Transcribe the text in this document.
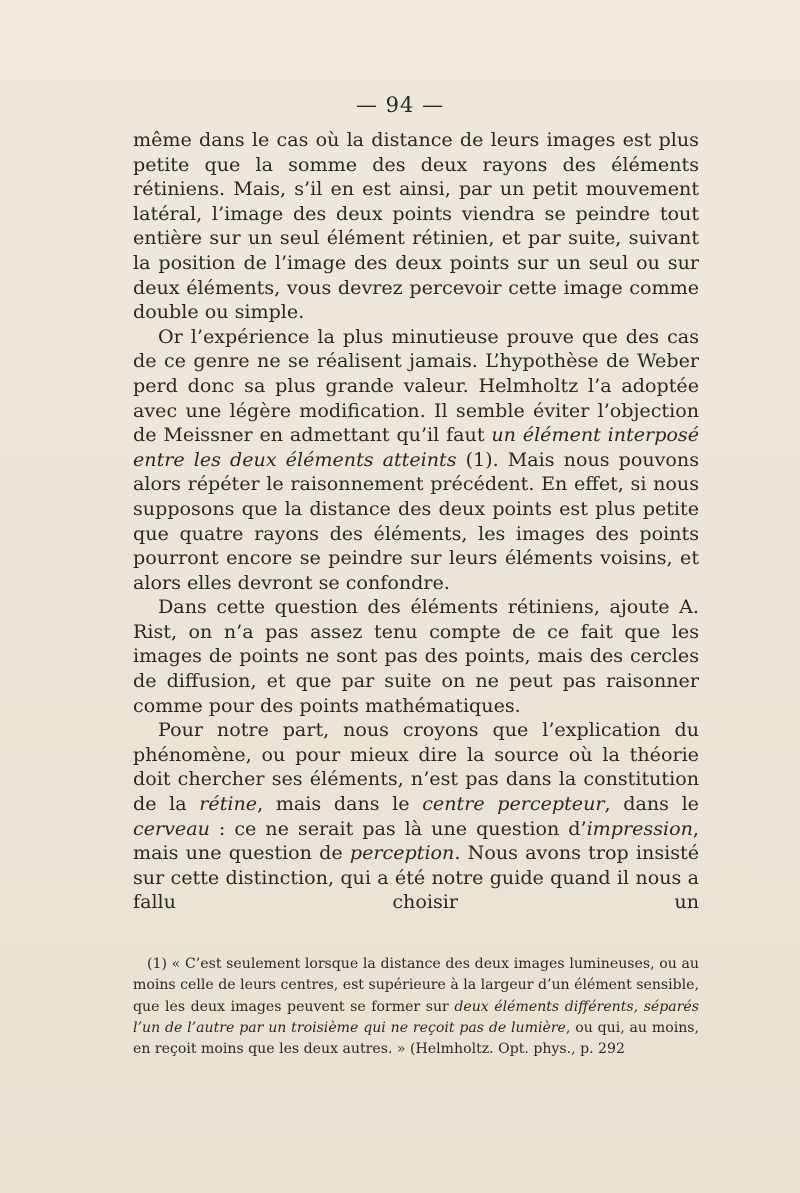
— 94 —

même dans le cas où la distance de leurs images est plus petite que la somme des deux rayons des éléments rétiniens. Mais, s’il en est ainsi, par un petit mouvement latéral, l’image des deux points viendra se peindre tout entière sur un seul élément rétinien, et par suite, suivant la position de l’image des deux points sur un seul ou sur deux éléments, vous devrez percevoir cette image comme double ou simple.

Or l’expérience la plus minutieuse prouve que des cas de ce genre ne se réalisent jamais. L’hypothèse de Weber perd donc sa plus grande valeur. Helmholtz l’a adoptée avec une légère modification. Il semble éviter l’objection de Meissner en admettant qu’il faut un élément interposé entre les deux éléments atteints (1). Mais nous pouvons alors répéter le raisonnement précédent. En effet, si nous supposons que la distance des deux points est plus petite que quatre rayons des éléments, les images des points pourront encore se peindre sur leurs éléments voisins, et alors elles devront se confondre.

Dans cette question des éléments rétiniens, ajoute A. Rist, on n’a pas assez tenu compte de ce fait que les images de points ne sont pas des points, mais des cercles de diffusion, et que par suite on ne peut pas raisonner comme pour des points mathématiques.

Pour notre part, nous croyons que l’explication du phénomène, ou pour mieux dire la source où la théorie doit chercher ses éléments, n’est pas dans la constitution de la rétine, mais dans le centre percepteur, dans le cerveau : ce ne serait pas là une question d’impression, mais une question de perception. Nous avons trop insisté sur cette distinction, qui a été notre guide quand il nous a fallu choisir un

(1) « C’est seulement lorsque la distance des deux images lumineuses, ou au moins celle de leurs centres, est supérieure à la largeur d’un élément sensible, que les deux images peuvent se former sur deux éléments différents, séparés l’un de l’autre par un troisième qui ne reçoit pas de lumière, ou qui, au moins, en reçoit moins que les deux autres. » (Helmholtz. Opt. phys., p. 292
